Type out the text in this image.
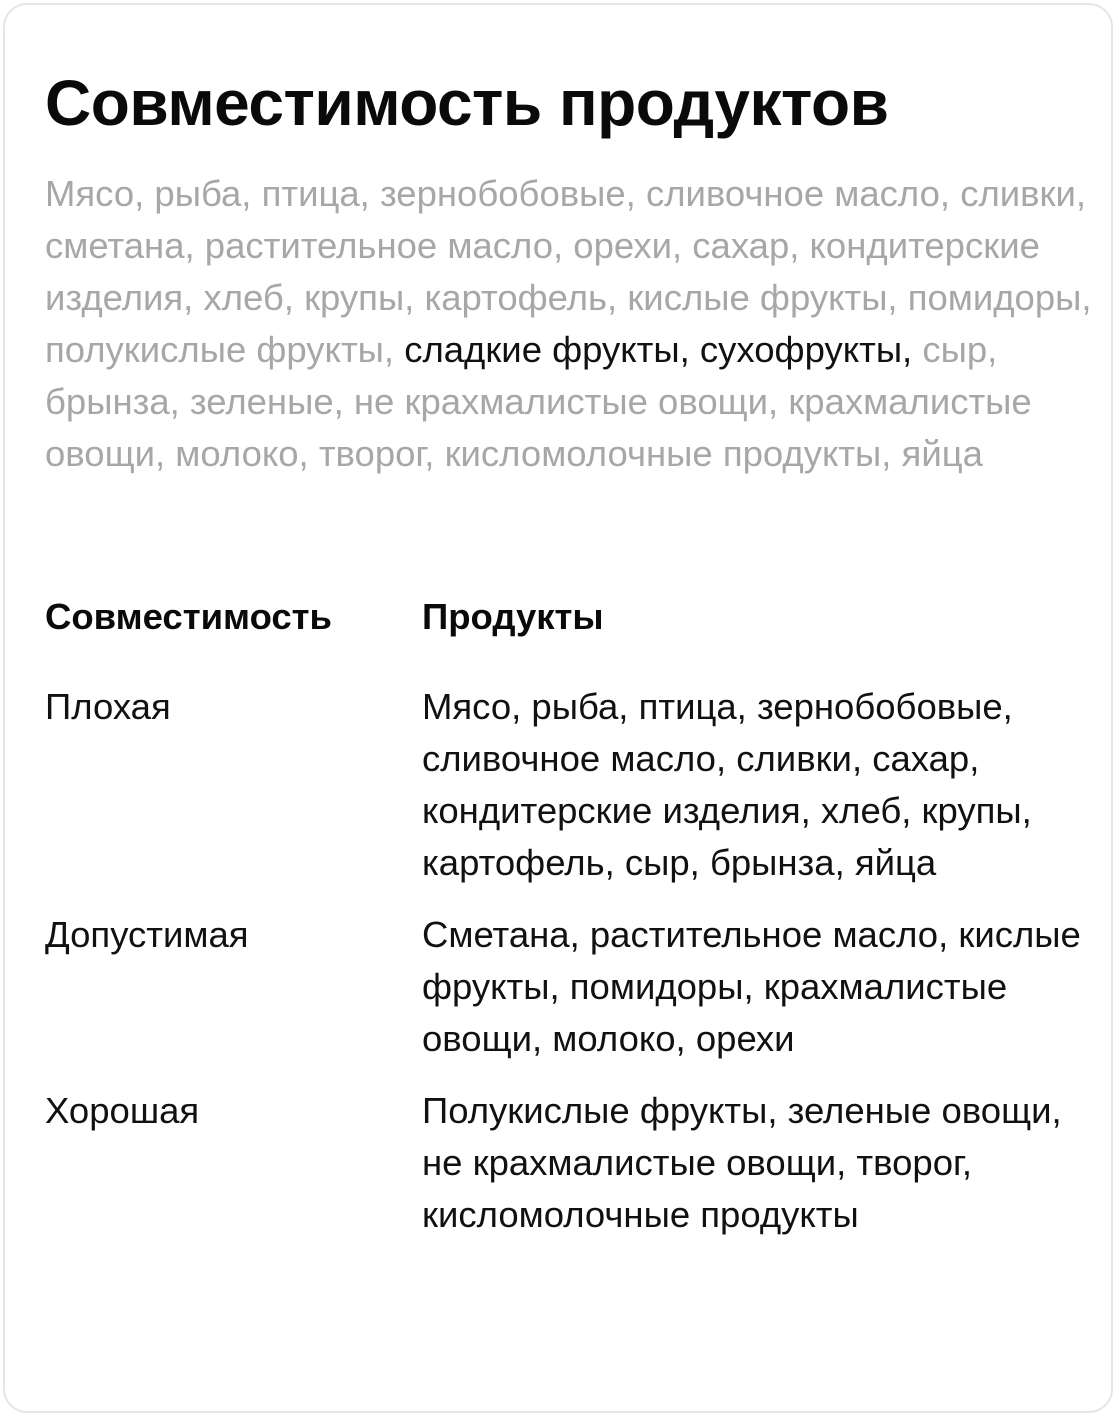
Совместимость продуктов

Мясо, рыба, птица, зернобобовые, сливочное масло, сливки, сметана, растительное масло, орехи, сахар, кондитерские изделия, хлеб, крупы, картофель, кислые фрукты, помидоры, полукислые фрукты, сладкие фрукты, сухофрукты, сыр, брынза, зеленые, не крахмалистые овощи, крахмалистые овощи, молоко, творог, кисломолочные продукты, яйца

Совместимость	Продукты
Плохая	Мясо, рыба, птица, зернобобовые, сливочное масло, сливки, сахар, кондитерские изделия, хлеб, крупы, картофель, сыр, брынза, яйца
Допустимая	Сметана, растительное масло, кислые фрукты, помидоры, крахмалистые овощи, молоко, орехи
Хорошая	Полукислые фрукты, зеленые овощи, не крахмалистые овощи, творог, кисломолочные продукты
